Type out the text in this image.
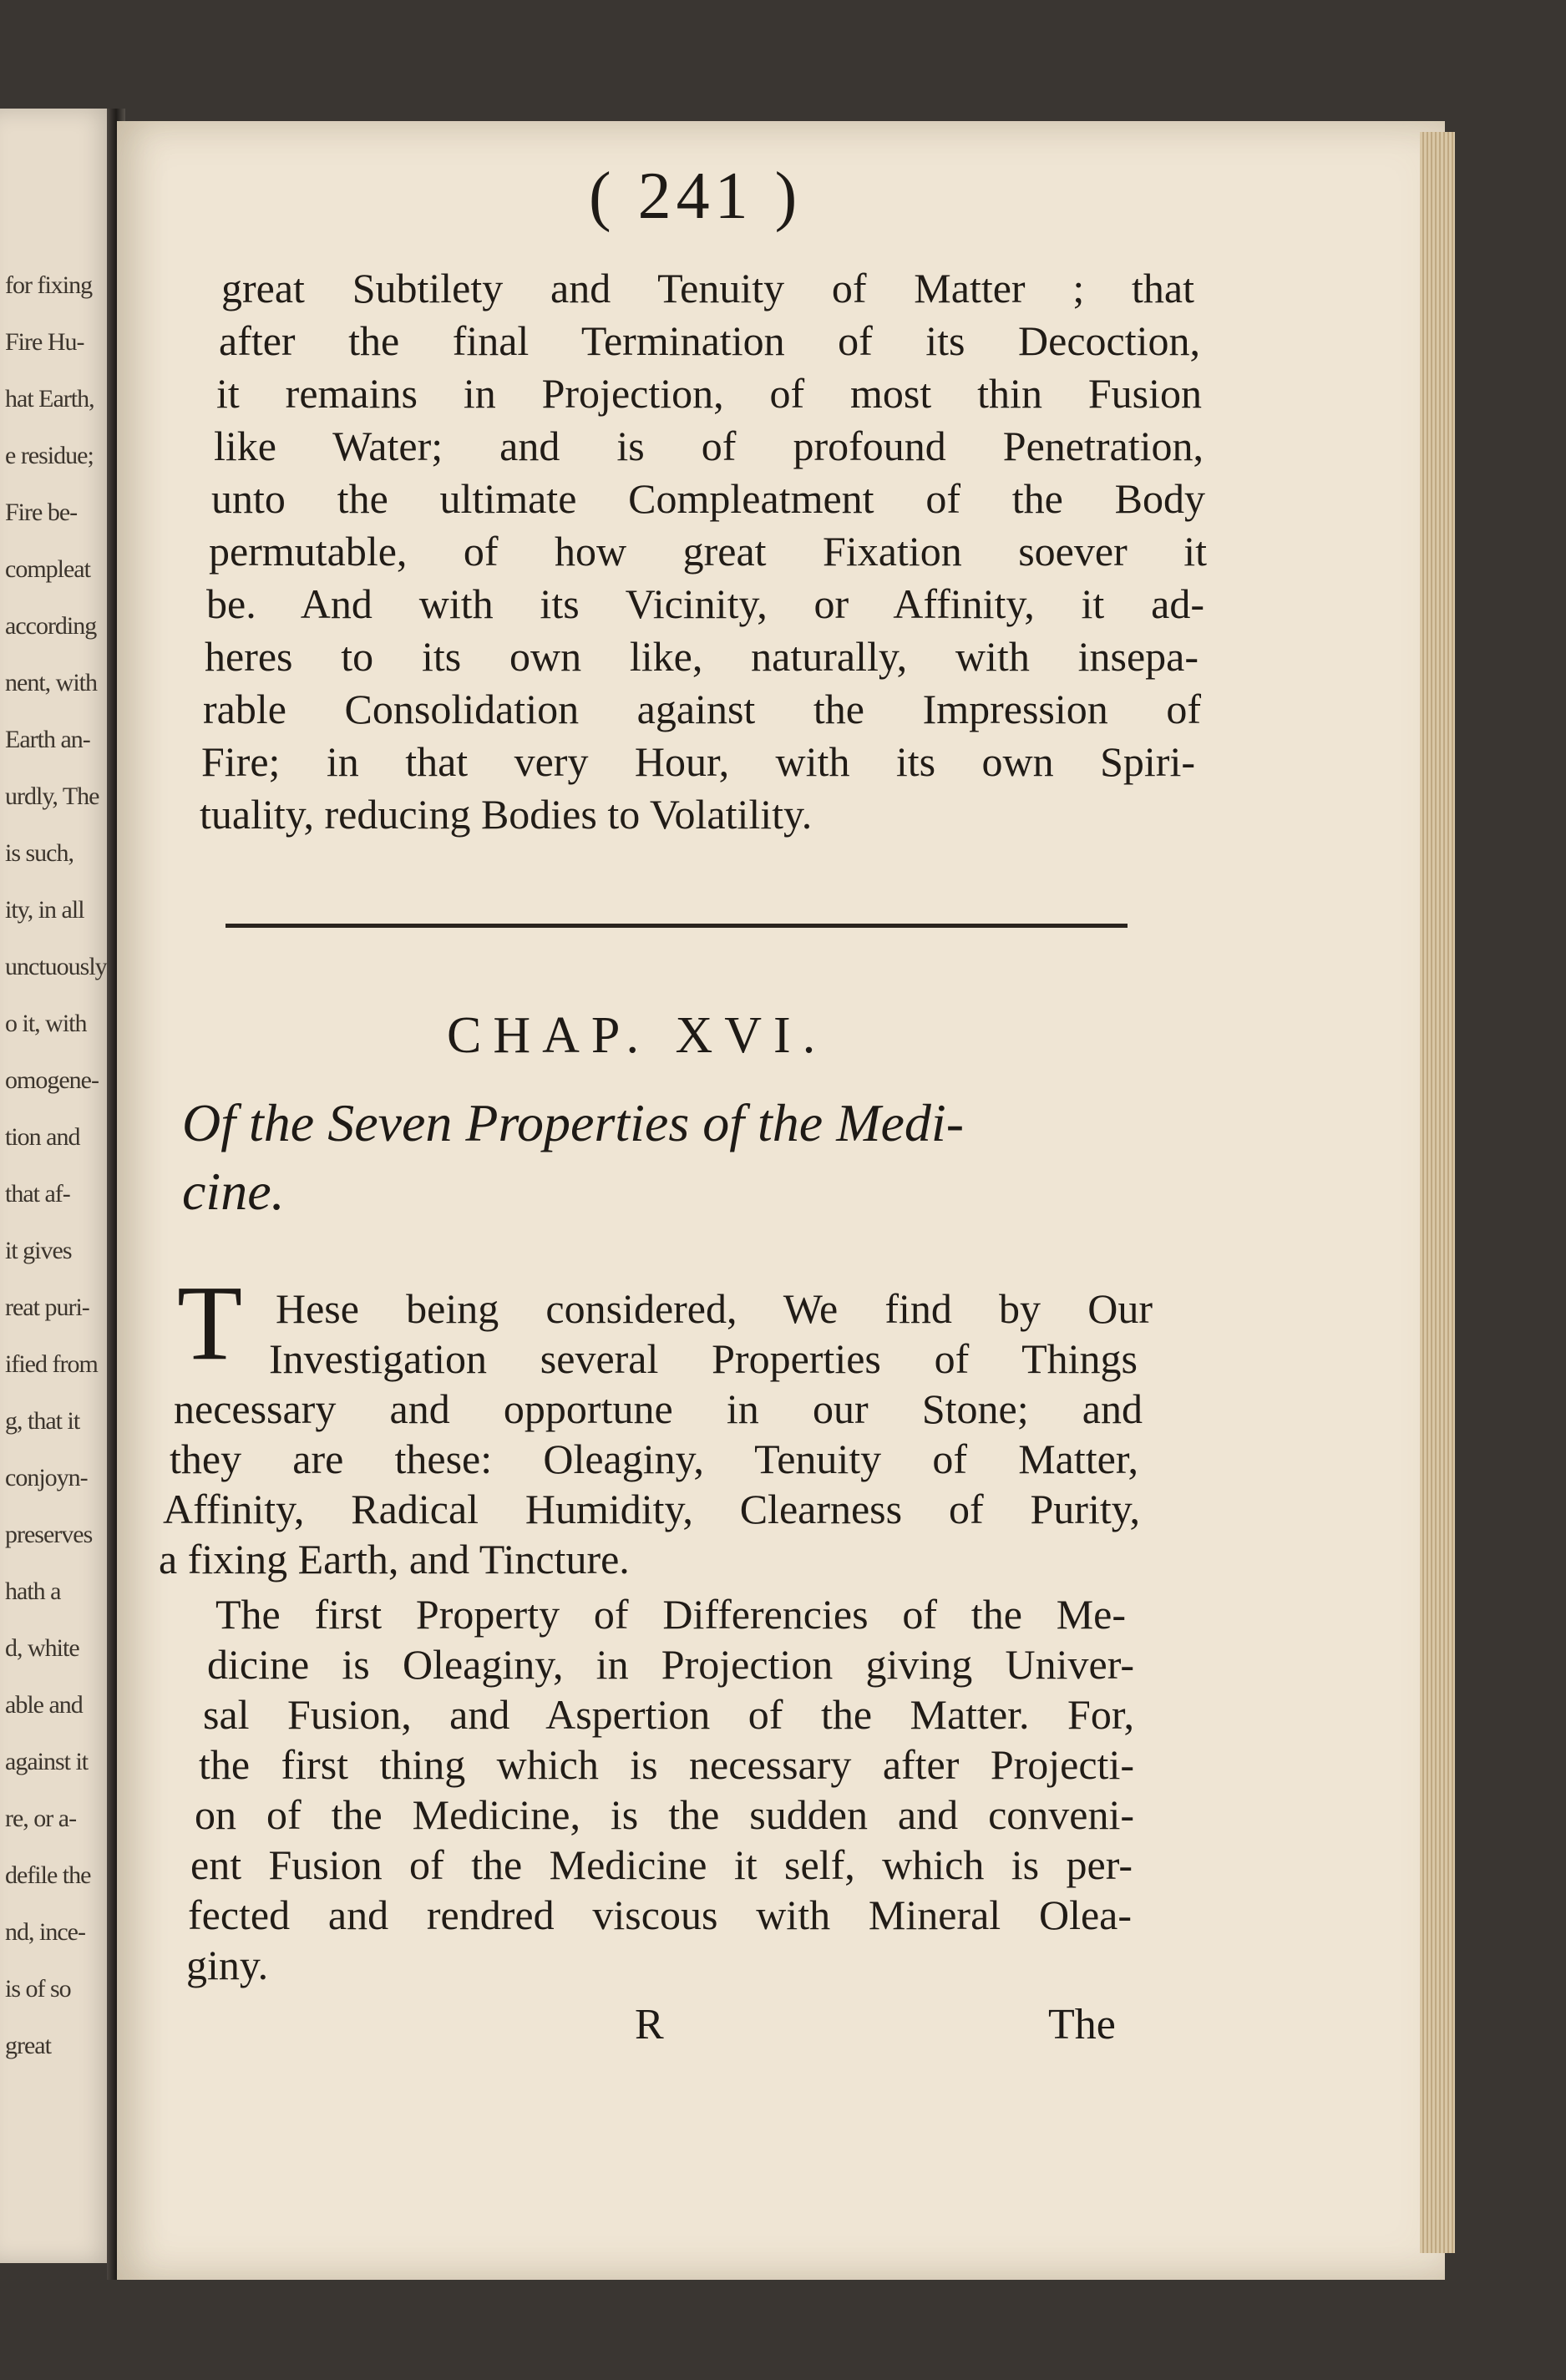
for fixing
Fire Hu-
hat Earth,
e residue;
Fire be-
compleat
according
nent, with
Earth an-
urdly, The
is such,
ity, in all
unctuously
o it, with
omogene-
tion and
that af-
it gives
reat puri-
ified from
g, that it
conjoyn-
preserves
hath a
d, white
able and
against it
re, or a-
defile the
nd, ince-
is of so
great
( 241 )
great Subtilety and Tenuity of Matter ; that
after the final Termination of its Decoction,
it remains in Projection, of most thin Fusion
like Water; and is of profound Penetration,
unto the ultimate Compleatment of the Body
permutable, of how great Fixation soever it
be. And with its Vicinity, or Affinity, it ad-
heres to its own like, naturally, with insepa-
rable Consolidation against the Impression of
Fire; in that very Hour, with its own Spiri-
tuality, reducing Bodies to Volatility.
CHAP. XVI.
Of the Seven Properties of the Medi-
cine.
T Hese being considered, We find by Our
Investigation several Properties of Things
necessary and opportune in our Stone; and
they are these: Oleaginy, Tenuity of Matter,
Affinity, Radical Humidity, Clearness of Purity,
a fixing Earth, and Tincture.
The first Property of Differencies of the Me-
dicine is Oleaginy, in Projection giving Univer-
sal Fusion, and Aspertion of the Matter. For,
the first thing which is necessary after Projecti-
on of the Medicine, is the sudden and conveni-
ent Fusion of the Medicine it self, which is per-
fected and rendred viscous with Mineral Olea-
giny.
R	The
